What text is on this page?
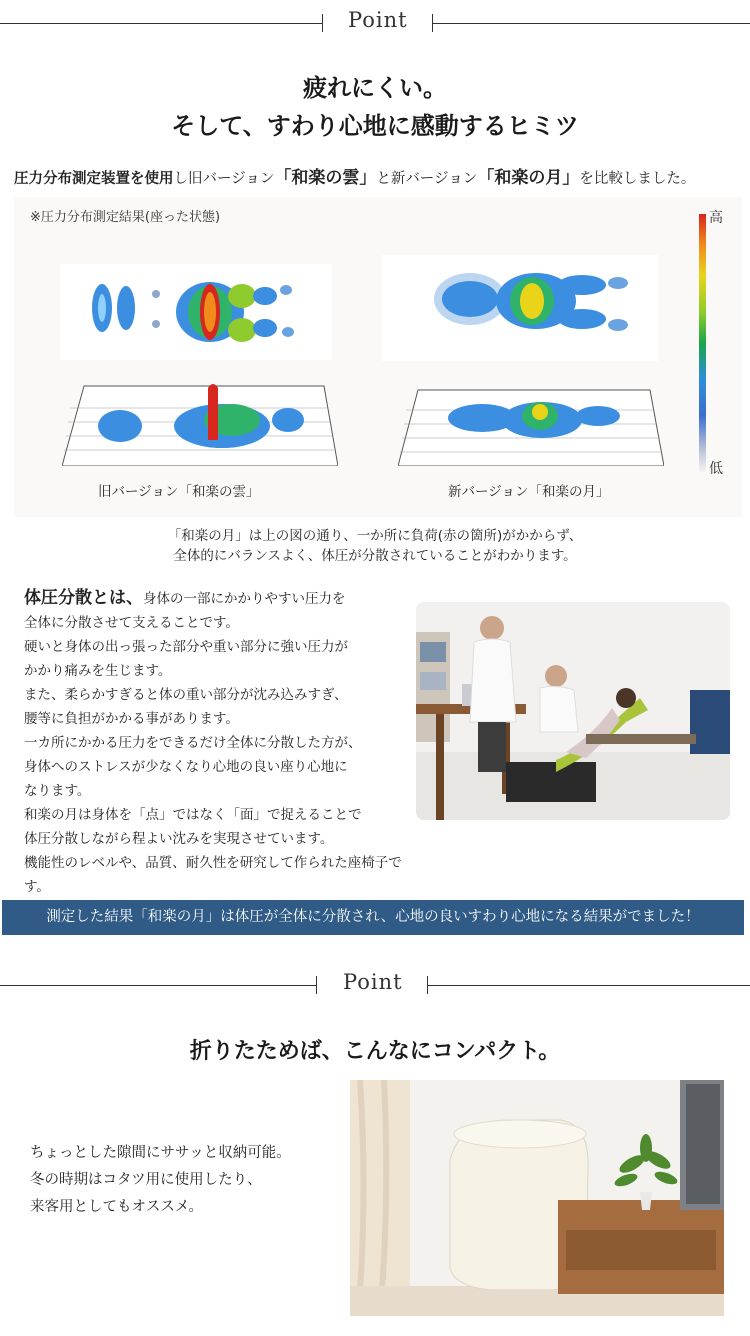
Point
疲れにくい。
そして、すわり心地に感動するヒミツ
圧力分布測定装置を使用し旧バージョン「和楽の雲」と新バージョン「和楽の月」を比較しました。
※圧力分布測定結果(座った状態)
旧バージョン「和楽の雲」	新バージョン「和楽の月」
高
低
「和楽の月」は上の図の通り、一か所に負荷(赤の箇所)がかからず、
全体的にバランスよく、体圧が分散されていることがわかります。
体圧分散とは、身体の一部にかかりやすい圧力を
全体に分散させて支えることです。
硬いと身体の出っ張った部分や重い部分に強い圧力が
かかり痛みを生じます。
また、柔らかすぎると体の重い部分が沈み込みすぎ、
腰等に負担がかかる事があります。
一カ所にかかる圧力をできるだけ全体に分散した方が、
身体へのストレスが少なくなり心地の良い座り心地に
なります。
和楽の月は身体を「点」ではなく「面」で捉えることで
体圧分散しながら程よい沈みを実現させています。
機能性のレベルや、品質、耐久性を研究して作られた座椅子です。
測定した結果「和楽の月」は体圧が全体に分散され、心地の良いすわり心地になる結果がでました！
Point
折りたためば、こんなにコンパクト。
ちょっとした隙間にササッと収納可能。
冬の時期はコタツ用に使用したり、
来客用としてもオススメ。
